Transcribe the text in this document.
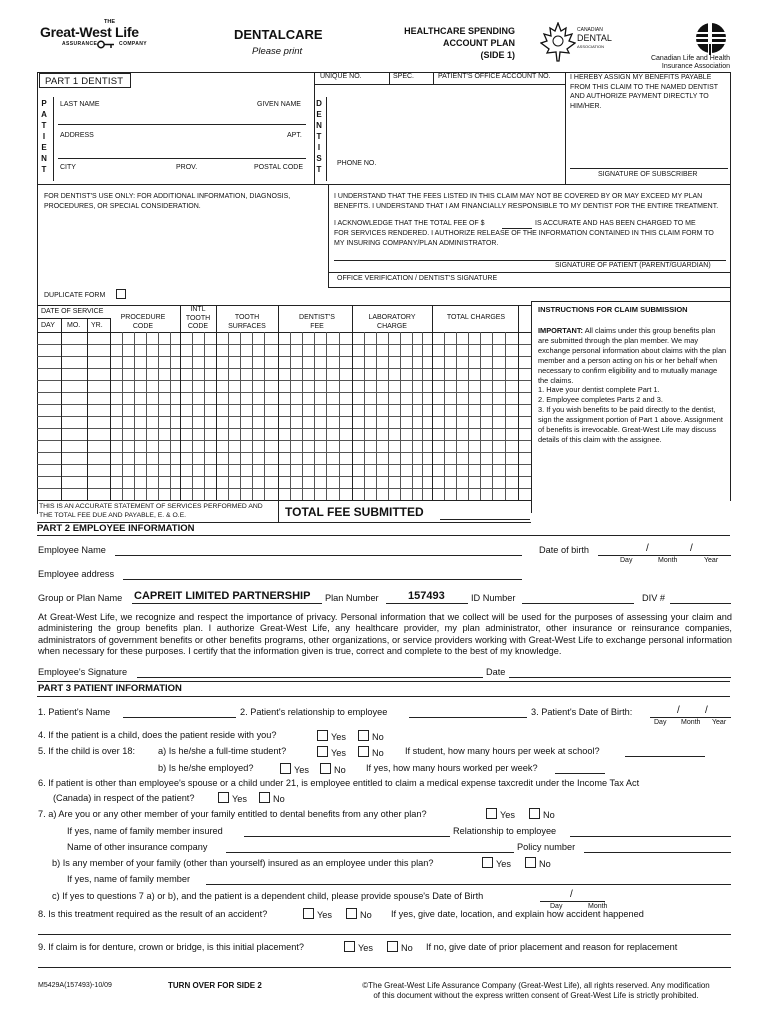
THE
Great-West Life
ASSURANCE COMPANY
DENTALCARE
Please print
HEALTHCARE SPENDING
ACCOUNT PLAN
(SIDE 1)
CANADIAN
DENTAL
ASSOCIATION
Canadian Life and Health
Insurance Association
PART 1 DENTIST	UNIQUE NO.	SPEC.	PATIENT'S OFFICE ACCOUNT NO.
P
A
T
I
E
N
T
LAST NAME	GIVEN NAME
ADDRESS	APT.
CITY	PROV.	POSTAL CODE
D
E
N
T
I
S
T
PHONE NO.
I HEREBY ASSIGN MY BENEFITS PAYABLE FROM THIS CLAIM TO THE NAMED DENTIST AND AUTHORIZE PAYMENT DIRECTLY TO HIM/HER.
SIGNATURE OF SUBSCRIBER
FOR DENTIST'S USE ONLY: FOR ADDITIONAL INFORMATION, DIAGNOSIS, PROCEDURES, OR SPECIAL CONSIDERATION.
I UNDERSTAND THAT THE FEES LISTED IN THIS CLAIM MAY NOT BE COVERED BY OR MAY EXCEED MY PLAN BENEFITS. I UNDERSTAND THAT I AM FINANCIALLY RESPONSIBLE TO MY DENTIST FOR THE ENTIRE TREATMENT.
I ACKNOWLEDGE THAT THE TOTAL FEE OF $	IS ACCURATE AND HAS BEEN CHARGED TO ME
FOR SERVICES RENDERED. I AUTHORIZE RELEASE OF THE INFORMATION CONTAINED IN THIS CLAIM FORM TO MY INSURING COMPANY/PLAN ADMINISTRATOR.
SIGNATURE OF PATIENT (PARENT/GUARDIAN)
OFFICE VERIFICATION / DENTIST'S SIGNATURE
DUPLICATE FORM
DATE OF SERVICE
DAY MO. YR.
PROCEDURE CODE
INTL TOOTH CODE
TOOTH SURFACES
DENTIST'S FEE
LABORATORY CHARGE
TOTAL CHARGES
THIS IS AN ACCURATE STATEMENT OF SERVICES PERFORMED AND THE TOTAL FEE DUE AND PAYABLE, E. & O.E.	TOTAL FEE SUBMITTED
INSTRUCTIONS FOR CLAIM SUBMISSION
IMPORTANT: All claims under this group benefits plan are submitted through the plan member. We may exchange personal information about claims with the plan member and a person acting on his or her behalf when necessary to confirm eligibility and to mutually manage the claims.
1. Have your dentist complete Part 1.
2. Employee completes Parts 2 and 3.
3. If you wish benefits to be paid directly to the dentist, sign the assignment portion of Part 1 above. Assignment of benefits is irrevocable. Great-West Life may discuss details of this claim with the assignee.
PART 2 EMPLOYEE INFORMATION
Employee Name	Date of birth	/	/
Day	Month	Year
Employee address
Group or Plan Name CAPREIT LIMITED PARTNERSHIP Plan Number	157493	ID Number	DIV #
At Great-West Life, we recognize and respect the importance of privacy. Personal information that we collect will be used for the purposes of assessing your claim and administering the group benefits plan. I authorize Great-West Life, any healthcare provider, my plan administrator, other insurance or reinsurance companies, administrators of government benefits or other benefits programs, other organizations, or service providers working with Great-West Life to exchange personal information when necessary for these purposes. I certify that the information given is true, correct and complete to the best of my knowledge.
Employee's Signature	Date
PART 3 PATIENT INFORMATION
1. Patient's Name	2. Patient's relationship to employee	3. Patient's Date of Birth:	/	/
Day Month Year
4. If the patient is a child, does the patient reside with you?	Yes	No
5. If the child is over 18: a) Is he/she a full-time student?	Yes	No If student, how many hours per week at school?
b) Is he/she employed?	Yes	No If yes, how many hours worked per week?
6. If patient is other than employee's spouse or a child under 21, is employee entitled to claim a medical expense taxcredit under the Income Tax Act
(Canada) in respect of the patient?	Yes	No
7. a) Are you or any other member of your family entitled to dental benefits from any other plan?	Yes	No
If yes, name of family member insured	Relationship to employee
Name of other insurance company	Policy number
b) Is any member of your family (other than yourself) insured as an employee under this plan?	Yes	No
If yes, name of family member
c) If yes to questions 7 a) or b), and the patient is a dependent child, please provide spouse's Date of Birth	/
Day	Month
8. Is this treatment required as the result of an accident?	Yes	No If yes, give date, location, and explain how accident happened
9. If claim is for denture, crown or bridge, is this initial placement?	Yes	No If no, give date of prior placement and reason for replacement
M5429A(157493)-10/09	TURN OVER FOR SIDE 2	©The Great-West Life Assurance Company (Great-West Life), all rights reserved. Any modification
of this document without the express written consent of Great-West Life is strictly prohibited.
